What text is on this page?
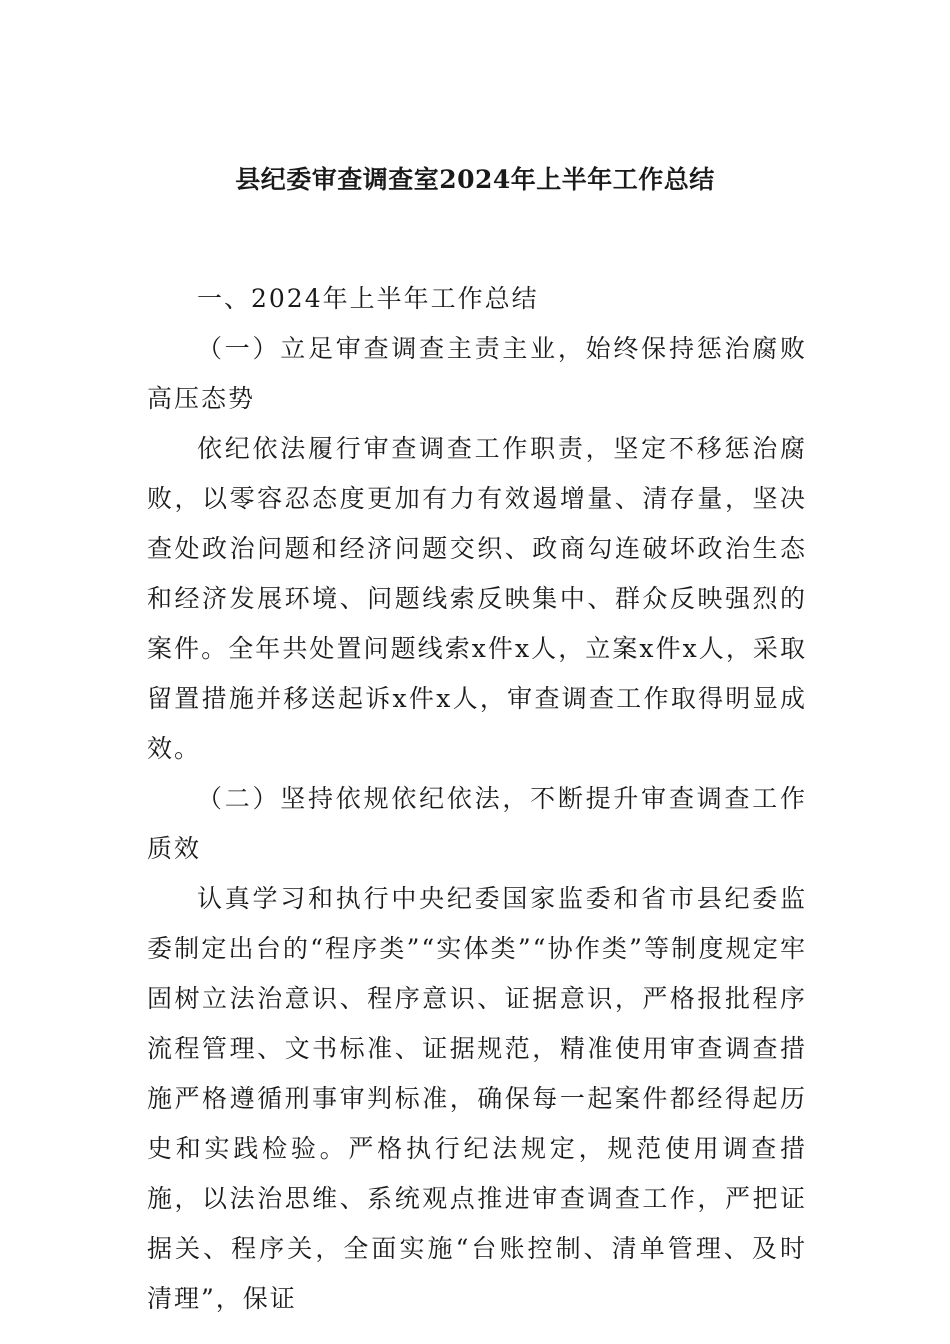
县纪委审查调查室2024年上半年工作总结

一、2024年上半年工作总结

（一）立足审查调查主责主业，始终保持惩治腐败高压态势

依纪依法履行审查调查工作职责，坚定不移惩治腐败，以零容忍态度更加有力有效遏增量、清存量，坚决查处政治问题和经济问题交织、政商勾连破坏政治生态和经济发展环境、问题线索反映集中、群众反映强烈的案件。全年共处置问题线索x件x人，立案x件x人，采取留置措施并移送起诉x件x人，审查调查工作取得明显成效。

（二）坚持依规依纪依法，不断提升审查调查工作质效

认真学习和执行中央纪委国家监委和省市县纪委监委制定出台的“程序类”“实体类”“协作类”等制度规定牢固树立法治意识、程序意识、证据意识，严格报批程序流程管理、文书标准、证据规范，精准使用审查调查措施严格遵循刑事审判标准，确保每一起案件都经得起历史和实践检验。严格执行纪法规定，规范使用调查措施，以法治思维、系统观点推进审查调查工作，严把证据关、程序关，全面实施“台账控制、清单管理、及时清理”，保证
